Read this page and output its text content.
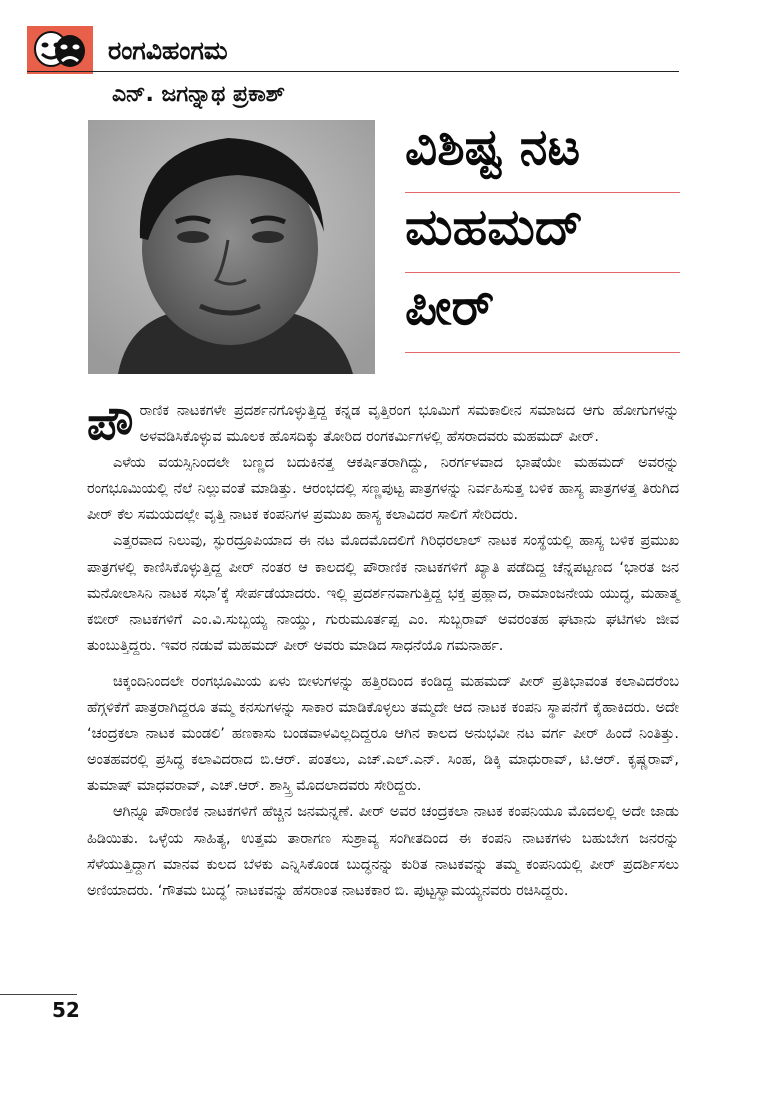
ರಂಗವಿಹಂಗಮ
ಎನ್. ಜಗನ್ನಾಥ ಪ್ರಕಾಶ್
ವಿಶಿಷ್ಟ ನಟ
ಮಹಮದ್
ಪೀರ್

ಪೌರಾಣಿಕ ನಾಟಕಗಳೇ ಪ್ರದರ್ಶನಗೊಳ್ಳುತ್ತಿದ್ದ ಕನ್ನಡ ವೃತ್ತಿರಂಗ ಭೂಮಿಗೆ ಸಮಕಾಲೀನ ಸಮಾಜದ ಆಗು ಹೋಗುಗಳನ್ನು ಅಳವಡಿಸಿಕೊಳ್ಳುವ ಮೂಲಕ ಹೊಸದಿಕ್ಕು ತೋರಿದ ರಂಗಕರ್ಮಿಗಳಲ್ಲಿ ಹೆಸರಾದವರು ಮಹಮದ್ ಪೀರ್.

ಎಳೆಯ ವಯಸ್ಸಿನಿಂದಲೇ ಬಣ್ಣದ ಬದುಕಿನತ್ತ ಆಕರ್ಷಿತರಾಗಿದ್ದು, ನಿರರ್ಗಳವಾದ ಭಾಷೆಯೇ ಮಹಮದ್ ಅವರನ್ನು ರಂಗಭೂಮಿಯಲ್ಲಿ ನೆಲೆ ನಿಲ್ಲುವಂತೆ ಮಾಡಿತ್ತು. ಆರಂಭದಲ್ಲಿ ಸಣ್ಣಪುಟ್ಟ ಪಾತ್ರಗಳನ್ನು ನಿರ್ವಹಿಸುತ್ತ ಬಳಿಕ ಹಾಸ್ಯ ಪಾತ್ರಗಳತ್ತ ತಿರುಗಿದ ಪೀರ್ ಕೆಲ ಸಮಯದಲ್ಲೇ ವೃತ್ತಿ ನಾಟಕ ಕಂಪನಿಗಳ ಪ್ರಮುಖ ಹಾಸ್ಯ ಕಲಾವಿದರ ಸಾಲಿಗೆ ಸೇರಿದರು.

ಎತ್ತರವಾದ ನಿಲುವು, ಸ್ಫುರದ್ರೂಪಿಯಾದ ಈ ನಟ ಮೊದಮೊದಲಿಗೆ ಗಿರಿಧರಲಾಲ್ ನಾಟಕ ಸಂಸ್ಥೆಯಲ್ಲಿ ಹಾಸ್ಯ ಬಳಿಕ ಪ್ರಮುಖ ಪಾತ್ರಗಳಲ್ಲಿ ಕಾಣಿಸಿಕೊಳ್ಳುತ್ತಿದ್ದ ಪೀರ್ ನಂತರ ಆ ಕಾಲದಲ್ಲಿ ಪೌರಾಣಿಕ ನಾಟಕಗಳಿಗೆ ಖ್ಯಾತಿ ಪಡೆದಿದ್ದ ಚೆನ್ನಪಟ್ಟಣದ ‘ಭಾರತ ಜನ ಮನೋಲಾಸಿನಿ ನಾಟಕ ಸಭಾ’ಕ್ಕೆ ಸೇರ್ಪಡೆಯಾದರು. ಇಲ್ಲಿ ಪ್ರದರ್ಶನವಾಗುತ್ತಿದ್ದ ಭಕ್ತ ಪ್ರಹ್ಲಾದ, ರಾಮಾಂಜನೇಯ ಯುದ್ಧ, ಮಹಾತ್ಮ ಕಬೀರ್ ನಾಟಕಗಳಿಗೆ ಎಂ.ವಿ.ಸುಬ್ಬಯ್ಯ ನಾಯ್ಡು, ಗುರುಮೂರ್ತಪ್ಪ ಎಂ. ಸುಬ್ಬರಾವ್ ಅವರಂತಹ ಘಟಾನು ಘಟಿಗಳು ಜೀವ ತುಂಬುತ್ತಿದ್ದರು. ಇವರ ನಡುವೆ ಮಹಮದ್ ಪೀರ್ ಅವರು ಮಾಡಿದ ಸಾಧನೆಯೊ ಗಮನಾರ್ಹ.

ಚಿಕ್ಕಂದಿನಿಂದಲೇ ರಂಗಭೂಮಿಯ ಏಳು ಬೀಳುಗಳನ್ನು ಹತ್ತಿರದಿಂದ ಕಂಡಿದ್ದ ಮಹಮದ್ ಪೀರ್ ಪ್ರತಿಭಾವಂತ ಕಲಾವಿದರೆಂಬ ಹೆಗ್ಗಳಿಕೆಗೆ ಪಾತ್ರರಾಗಿದ್ದರೂ ತಮ್ಮ ಕನಸುಗಳನ್ನು ಸಾಕಾರ ಮಾಡಿಕೊಳ್ಳಲು ತಮ್ಮದೇ ಆದ ನಾಟಕ ಕಂಪನಿ ಸ್ಥಾಪನೆಗೆ ಕೈಹಾಕಿದರು. ಅದೇ ‘ಚಂದ್ರಕಲಾ ನಾಟಕ ಮಂಡಲಿ’ ಹಣಕಾಸು ಬಂಡವಾಳವಿಲ್ಲದಿದ್ದರೂ ಆಗಿನ ಕಾಲದ ಅನುಭವೀ ನಟ ವರ್ಗ ಪೀರ್ ಹಿಂದೆ ನಿಂತಿತ್ತು. ಅಂತಹವರಲ್ಲಿ ಪ್ರಸಿದ್ಧ ಕಲಾವಿದರಾದ ಬಿ.ಆರ್. ಪಂತಲು, ಎಚ್.ಎಲ್.ಎನ್. ಸಿಂಹ, ಡಿಕ್ಕಿ ಮಾಧುರಾವ್, ಟಿ.ಆರ್. ಕೃಷ್ಣರಾವ್, ತುಮಾಷ್ ಮಾಧವರಾವ್, ಎಚ್.ಆರ್. ಶಾಸ್ತ್ರಿ ಮೊದಲಾದವರು ಸೇರಿದ್ದರು.

ಆಗಿನ್ನೂ ಪೌರಾಣಿಕ ನಾಟಕಗಳಿಗೆ ಹೆಚ್ಚಿನ ಜನಮನ್ನಣೆ. ಪೀರ್ ಅವರ ಚಂದ್ರಕಲಾ ನಾಟಕ ಕಂಪನಿಯೂ ಮೊದಲಲ್ಲಿ ಅದೇ ಜಾಡು ಹಿಡಿಯಿತು. ಒಳ್ಳೆಯ ಸಾಹಿತ್ಯ, ಉತ್ತಮ ತಾರಾಗಣ ಸುಶ್ರಾವ್ಯ ಸಂಗೀತದಿಂದ ಈ ಕಂಪನಿ ನಾಟಕಗಳು ಬಹುಬೇಗ ಜನರನ್ನು ಸೆಳೆಯುತ್ತಿದ್ದಾಗ ಮಾನವ ಕುಲದ ಬೆಳಕು ಎನ್ನಿಸಿಕೊಂಡ ಬುದ್ಧನನ್ನು ಕುರಿತ ನಾಟಕವನ್ನು ತಮ್ಮ ಕಂಪನಿಯಲ್ಲಿ ಪೀರ್ ಪ್ರದರ್ಶಿಸಲು ಅಣಿಯಾದರು. ‘ಗೌತಮ ಬುದ್ಧ’ ನಾಟಕವನ್ನು ಹೆಸರಾಂತ ನಾಟಕಕಾರ ಬಿ. ಪುಟ್ಟಸ್ವಾಮಯ್ಯನವರು ರಚಿಸಿದ್ದರು.

52
